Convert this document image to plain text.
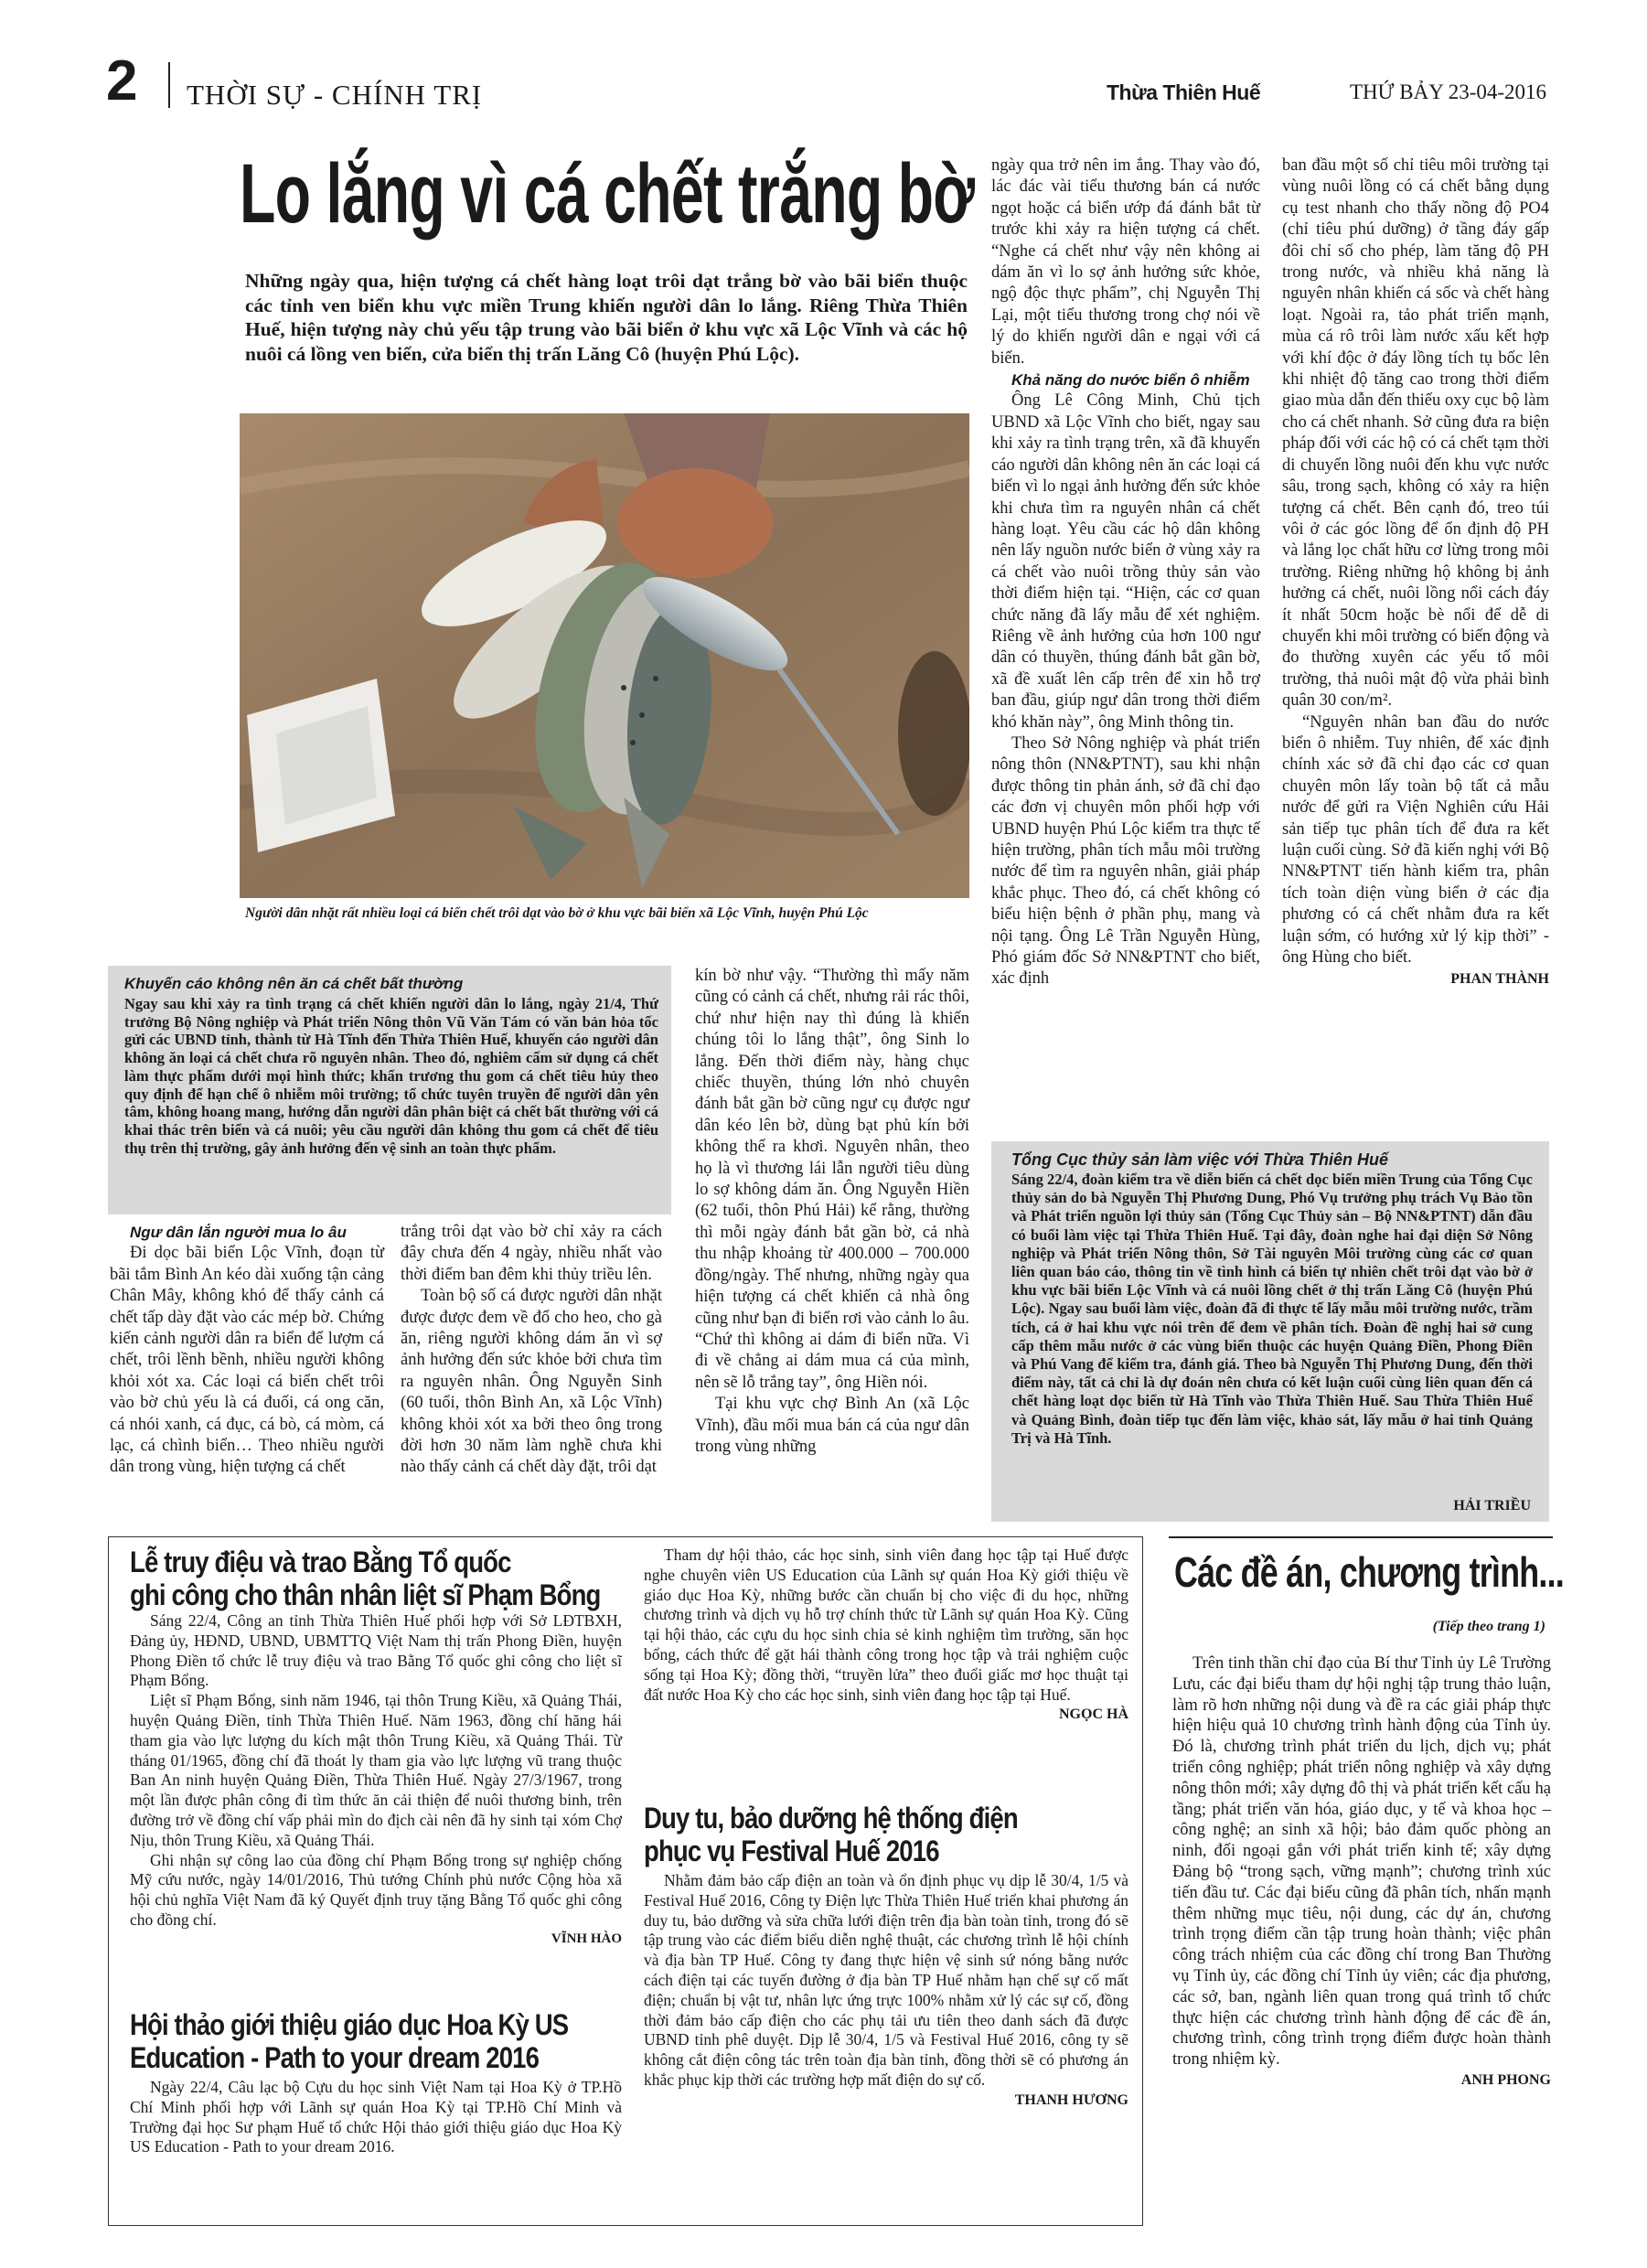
2 THỜI SỰ - CHÍNH TRỊ	Thừa Thiên Huế	THỨ BẢY 23-04-2016
Lo lắng vì cá chết trắng bờ
Những ngày qua, hiện tượng cá chết hàng loạt trôi dạt trắng bờ vào bãi biển thuộc các tỉnh ven biển khu vực miền Trung khiến người dân lo lắng. Riêng Thừa Thiên Huế, hiện tượng này chủ yếu tập trung vào bãi biển ở khu vực xã Lộc Vĩnh và các hộ nuôi cá lồng ven biển, cửa biển thị trấn Lăng Cô (huyện Phú Lộc).
Người dân nhặt rất nhiều loại cá biển chết trôi dạt vào bờ ở khu vực bãi biển xã Lộc Vĩnh, huyện Phú Lộc
Khuyến cáo không nên ăn cá chết bất thường
Ngay sau khi xảy ra tình trạng cá chết khiến người dân lo lắng, ngày 21/4, Thứ trưởng Bộ Nông nghiệp và Phát triển Nông thôn Vũ Văn Tám có văn bản hỏa tốc gửi các UBND tỉnh, thành từ Hà Tĩnh đến Thừa Thiên Huế, khuyến cáo người dân không ăn loại cá chết chưa rõ nguyên nhân. Theo đó, nghiêm cấm sử dụng cá chết làm thực phẩm dưới mọi hình thức; khẩn trương thu gom cá chết tiêu hủy theo quy định để hạn chế ô nhiễm môi trường; tổ chức tuyên truyền để người dân yên tâm, không hoang mang, hướng dẫn người dân phân biệt cá chết bất thường với cá khai thác trên biển và cá nuôi; yêu cầu người dân không thu gom cá chết để tiêu thụ trên thị trường, gây ảnh hưởng đến vệ sinh an toàn thực phẩm.

Ngư dân lắn người mua lo âu

Đi dọc bãi biển Lộc Vĩnh, đoạn từ bãi tắm Bình An kéo dài xuống tận cảng Chân Mây, không khó để thấy cảnh cá chết tấp dày đặt vào các mép bờ. Chứng kiến cảnh người dân ra biển để lượm cá chết, trôi lềnh bềnh, nhiều người không khỏi xót xa. Các loại cá biển chết trôi vào bờ chủ yếu là cá đuối, cá ong căn, cá nhói xanh, cá đục, cá bò, cá mòm, cá lạc, cá chình biển… Theo nhiều người dân trong vùng, hiện tượng cá chết

trắng trôi dạt vào bờ chỉ xảy ra cách đây chưa đến 4 ngày, nhiều nhất vào thời điểm ban đêm khi thủy triều lên.

Toàn bộ số cá được người dân nhặt được được đem về đổ cho heo, cho gà ăn, riêng người không dám ăn vì sợ ảnh hưởng đến sức khỏe bởi chưa tìm ra nguyên nhân. Ông Nguyễn Sinh (60 tuổi, thôn Bình An, xã Lộc Vĩnh) không khỏi xót xa bởi theo ông trong đời hơn 30 năm làm nghề chưa khi nào thấy cảnh cá chết dày đặt, trôi dạt

kín bờ như vậy. “Thường thì mấy năm cũng có cảnh cá chết, nhưng rải rác thôi, chứ như hiện nay thì đúng là khiến chúng tôi lo lắng thật”, ông Sinh lo lắng. Đến thời điểm này, hàng chục chiếc thuyền, thúng lớn nhỏ chuyên đánh bắt gần bờ cũng ngư cụ được ngư dân kéo lên bờ, dùng bạt phủ kín bởi không thể ra khơi. Nguyên nhân, theo họ là vì thương lái lẫn người tiêu dùng lo sợ không dám ăn. Ông Nguyễn Hiền (62 tuổi, thôn Phú Hải) kể rằng, thường thì mỗi ngày đánh bắt gần bờ, cả nhà thu nhập khoảng từ 400.000 – 700.000 đồng/ngày. Thế nhưng, những ngày qua hiện tượng cá chết khiến cả nhà ông cũng như bạn đi biển rơi vào cảnh lo âu. “Chứ thì không ai dám đi biển nữa. Vì đi về chẳng ai dám mua cá của mình, nên sẽ lỗ trắng tay”, ông Hiền nói.

Tại khu vực chợ Bình An (xã Lộc Vĩnh), đầu mối mua bán cá của ngư dân trong vùng những

ngày qua trở nên im ắng. Thay vào đó, lác đác vài tiểu thương bán cá nước ngọt hoặc cá biển ướp đá đánh bắt từ trước khi xảy ra hiện tượng cá chết. “Nghe cá chết như vậy nên không ai dám ăn vì lo sợ ảnh hưởng sức khỏe, ngộ độc thực phẩm”, chị Nguyễn Thị Lại, một tiểu thương trong chợ nói về lý do khiến người dân e ngại với cá biển.

Khả năng do nước biển ô nhiễm

Ông Lê Công Minh, Chủ tịch UBND xã Lộc Vĩnh cho biết, ngay sau khi xảy ra tình trạng trên, xã đã khuyến cáo người dân không nên ăn các loại cá biển vì lo ngại ảnh hưởng đến sức khỏe khi chưa tìm ra nguyên nhân cá chết hàng loạt. Yêu cầu các hộ dân không nên lấy nguồn nước biển ở vùng xảy ra cá chết vào nuôi trồng thủy sản vào thời điểm hiện tại. “Hiện, các cơ quan chức năng đã lấy mẫu để xét nghiệm. Riêng về ảnh hưởng của hơn 100 ngư dân có thuyền, thúng đánh bắt gần bờ, xã đề xuất lên cấp trên để xin hỗ trợ ban đầu, giúp ngư dân trong thời điểm khó khăn này”, ông Minh thông tin.

Theo Sở Nông nghiệp và phát triển nông thôn (NN&PTNT), sau khi nhận được thông tin phản ánh, sở đã chỉ đạo các đơn vị chuyên môn phối hợp với UBND huyện Phú Lộc kiểm tra thực tế hiện trường, phân tích mẫu môi trường nước để tìm ra nguyên nhân, giải pháp khắc phục. Theo đó, cá chết không có biểu hiện bệnh ở phần phụ, mang và nội tạng. Ông Lê Trần Nguyễn Hùng, Phó giám đốc Sở NN&PTNT cho biết, xác định

ban đầu một số chỉ tiêu môi trường tại vùng nuôi lồng có cá chết bằng dụng cụ test nhanh cho thấy nồng độ PO4 (chỉ tiêu phú dưỡng) ở tầng đáy gấp đôi chỉ số cho phép, làm tăng độ PH trong nước, và nhiều khả năng là nguyên nhân khiến cá sốc và chết hàng loạt. Ngoài ra, tảo phát triển mạnh, mùa cá rô trôi làm nước xấu kết hợp với khí độc ở đáy lồng tích tụ bốc lên khi nhiệt độ tăng cao trong thời điểm giao mùa dẫn đến thiếu oxy cục bộ làm cho cá chết nhanh. Sở cũng đưa ra biện pháp đối với các hộ có cá chết tạm thời di chuyển lồng nuôi đến khu vực nước sâu, trong sạch, không có xảy ra hiện tượng cá chết. Bên cạnh đó, treo túi vôi ở các góc lồng để ổn định độ PH và lắng lọc chất hữu cơ lừng trong môi trường. Riêng những hộ không bị ảnh hưởng cá chết, nuôi lồng nổi cách đáy ít nhất 50cm hoặc bè nổi để dễ di chuyển khi môi trường có biến động và đo thường xuyên các yếu tố môi trường, thả nuôi mật độ vừa phải bình quân 30 con/m².

“Nguyên nhân ban đầu do nước biển ô nhiễm. Tuy nhiên, để xác định chính xác sở đã chỉ đạo các cơ quan chuyên môn lấy toàn bộ tất cả mẫu nước để gửi ra Viện Nghiên cứu Hải sản tiếp tục phân tích để đưa ra kết luận cuối cùng. Sở đã kiến nghị với Bộ NN&PTNT tiến hành kiểm tra, phân tích toàn diện vùng biển ở các địa phương có cá chết nhằm đưa ra kết luận sớm, có hướng xử lý kịp thời” - ông Hùng cho biết.

PHAN THÀNH

Tổng Cục thủy sản làm việc với Thừa Thiên Huế
Sáng 22/4, đoàn kiểm tra về diễn biến cá chết dọc biển miền Trung của Tổng Cục thủy sản do bà Nguyễn Thị Phương Dung, Phó Vụ trưởng phụ trách Vụ Bảo tồn và Phát triển nguồn lợi thủy sản (Tổng Cục Thủy sản – Bộ NN&PTNT) dẫn đầu có buổi làm việc tại Thừa Thiên Huế. Tại đây, đoàn nghe hai đại diện Sở Nông nghiệp và Phát triển Nông thôn, Sở Tài nguyên Môi trường cùng các cơ quan liên quan báo cáo, thông tin về tình hình cá biển tự nhiên chết trôi dạt vào bờ ở khu vực bãi biển Lộc Vĩnh và cá nuôi lồng chết ở thị trấn Lăng Cô (huyện Phú Lộc). Ngay sau buổi làm việc, đoàn đã đi thực tế lấy mẫu môi trường nước, trầm tích, cá ở hai khu vực nói trên để đem về phân tích. Đoàn đề nghị hai sở cung cấp thêm mẫu nước ở các vùng biển thuộc các huyện Quảng Điền, Phong Điền và Phú Vang để kiểm tra, đánh giá. Theo bà Nguyễn Thị Phương Dung, đến thời điểm này, tất cả chỉ là dự đoán nên chưa có kết luận cuối cùng liên quan đến cá chết hàng loạt dọc biển từ Hà Tĩnh vào Thừa Thiên Huế. Sau Thừa Thiên Huế và Quảng Bình, đoàn tiếp tục đến làm việc, khảo sát, lấy mẫu ở hai tỉnh Quảng Trị và Hà Tĩnh.
HẢI TRIỀU
Lễ truy điệu và trao Bằng Tổ quốc
ghi công cho thân nhân liệt sĩ Phạm Bổng

Sáng 22/4, Công an tỉnh Thừa Thiên Huế phối hợp với Sở LĐTBXH, Đảng ủy, HĐND, UBND, UBMTTQ Việt Nam thị trấn Phong Điền, huyện Phong Điền tổ chức lễ truy điệu và trao Bằng Tổ quốc ghi công cho liệt sĩ Phạm Bổng.

Liệt sĩ Phạm Bổng, sinh năm 1946, tại thôn Trung Kiều, xã Quảng Thái, huyện Quảng Điền, tỉnh Thừa Thiên Huế. Năm 1963, đồng chí hăng hái tham gia vào lực lượng du kích mật thôn Trung Kiều, xã Quảng Thái. Từ tháng 01/1965, đồng chí đã thoát ly tham gia vào lực lượng vũ trang thuộc Ban An ninh huyện Quảng Điền, Thừa Thiên Huế. Ngày 27/3/1967, trong một lần được phân công đi tìm thức ăn cải thiện để nuôi thương binh, trên đường trở về đồng chí vấp phải mìn do địch cài nên đã hy sinh tại xóm Chợ Nịu, thôn Trung Kiều, xã Quảng Thái.

Ghi nhận sự công lao của đồng chí Phạm Bổng trong sự nghiệp chống Mỹ cứu nước, ngày 14/01/2016, Thủ tướng Chính phủ nước Cộng hòa xã hội chủ nghĩa Việt Nam đã ký Quyết định truy tặng Bằng Tổ quốc ghi công cho đồng chí.

VĨNH HÀO

Hội thảo giới thiệu giáo dục Hoa Kỳ US
Education - Path to your dream 2016

Ngày 22/4, Câu lạc bộ Cựu du học sinh Việt Nam tại Hoa Kỳ ở TP.Hồ Chí Minh phối hợp với Lãnh sự quán Hoa Kỳ tại TP.Hồ Chí Minh và Trường đại học Sư phạm Huế tổ chức Hội thảo giới thiệu giáo dục Hoa Kỳ US Education - Path to your dream 2016.

Tham dự hội thảo, các học sinh, sinh viên đang học tập tại Huế được nghe chuyên viên US Education của Lãnh sự quán Hoa Kỳ giới thiệu về giáo dục Hoa Kỳ, những bước cần chuẩn bị cho việc đi du học, những chương trình và dịch vụ hỗ trợ chính thức từ Lãnh sự quán Hoa Kỳ. Cũng tại hội thảo, các cựu du học sinh chia sẻ kinh nghiệm tìm trường, săn học bổng, cách thức để gặt hái thành công trong học tập và trải nghiệm cuộc sống tại Hoa Kỳ; đồng thời, “truyền lửa” theo đuổi giấc mơ học thuật tại đất nước Hoa Kỳ cho các học sinh, sinh viên đang học tập tại Huế.

NGỌC HÀ

Duy tu, bảo dưỡng hệ thống điện
phục vụ Festival Huế 2016

Nhằm đảm bảo cấp điện an toàn và ổn định phục vụ dịp lễ 30/4, 1/5 và Festival Huế 2016, Công ty Điện lực Thừa Thiên Huế triển khai phương án duy tu, bảo dưỡng và sửa chữa lưới điện trên địa bàn toàn tỉnh, trong đó sẽ tập trung vào các điểm biểu diễn nghệ thuật, các chương trình lễ hội chính và địa bàn TP Huế. Công ty đang thực hiện vệ sinh sứ nóng bằng nước cách điện tại các tuyến đường ở địa bàn TP Huế nhằm hạn chế sự cố mất điện; chuẩn bị vật tư, nhân lực ứng trực 100% nhằm xử lý các sự cố, đồng thời đảm bảo cấp điện cho các phụ tải ưu tiên theo danh sách đã được UBND tỉnh phê duyệt. Dịp lễ 30/4, 1/5 và Festival Huế 2016, công ty sẽ không cắt điện công tác trên toàn địa bàn tỉnh, đồng thời sẽ có phương án khắc phục kịp thời các trường hợp mất điện do sự cố.

THANH HƯƠNG

Các đề án, chương trình...
(Tiếp theo trang 1)

Trên tinh thần chỉ đạo của Bí thư Tỉnh ủy Lê Trường Lưu, các đại biểu tham dự hội nghị tập trung thảo luận, làm rõ hơn những nội dung và đề ra các giải pháp thực hiện hiệu quả 10 chương trình hành động của Tỉnh ủy. Đó là, chương trình phát triển du lịch, dịch vụ; phát triển công nghiệp; phát triển nông nghiệp và xây dựng nông thôn mới; xây dựng đô thị và phát triển kết cấu hạ tầng; phát triển văn hóa, giáo dục, y tế và khoa học – công nghệ; an sinh xã hội; bảo đảm quốc phòng an ninh, đối ngoại gắn với phát triển kinh tế; xây dựng Đảng bộ “trong sạch, vững mạnh”; chương trình xúc tiến đầu tư. Các đại biểu cũng đã phân tích, nhấn mạnh thêm những mục tiêu, nội dung, các dự án, chương trình trọng điểm cần tập trung hoàn thành; việc phân công trách nhiệm của các đồng chí trong Ban Thường vụ Tỉnh ủy, các đồng chí Tỉnh ủy viên; các địa phương, các sở, ban, ngành liên quan trong quá trình tổ chức thực hiện các chương trình hành động để các đề án, chương trình, công trình trọng điểm được hoàn thành trong nhiệm kỳ.

ANH PHONG
